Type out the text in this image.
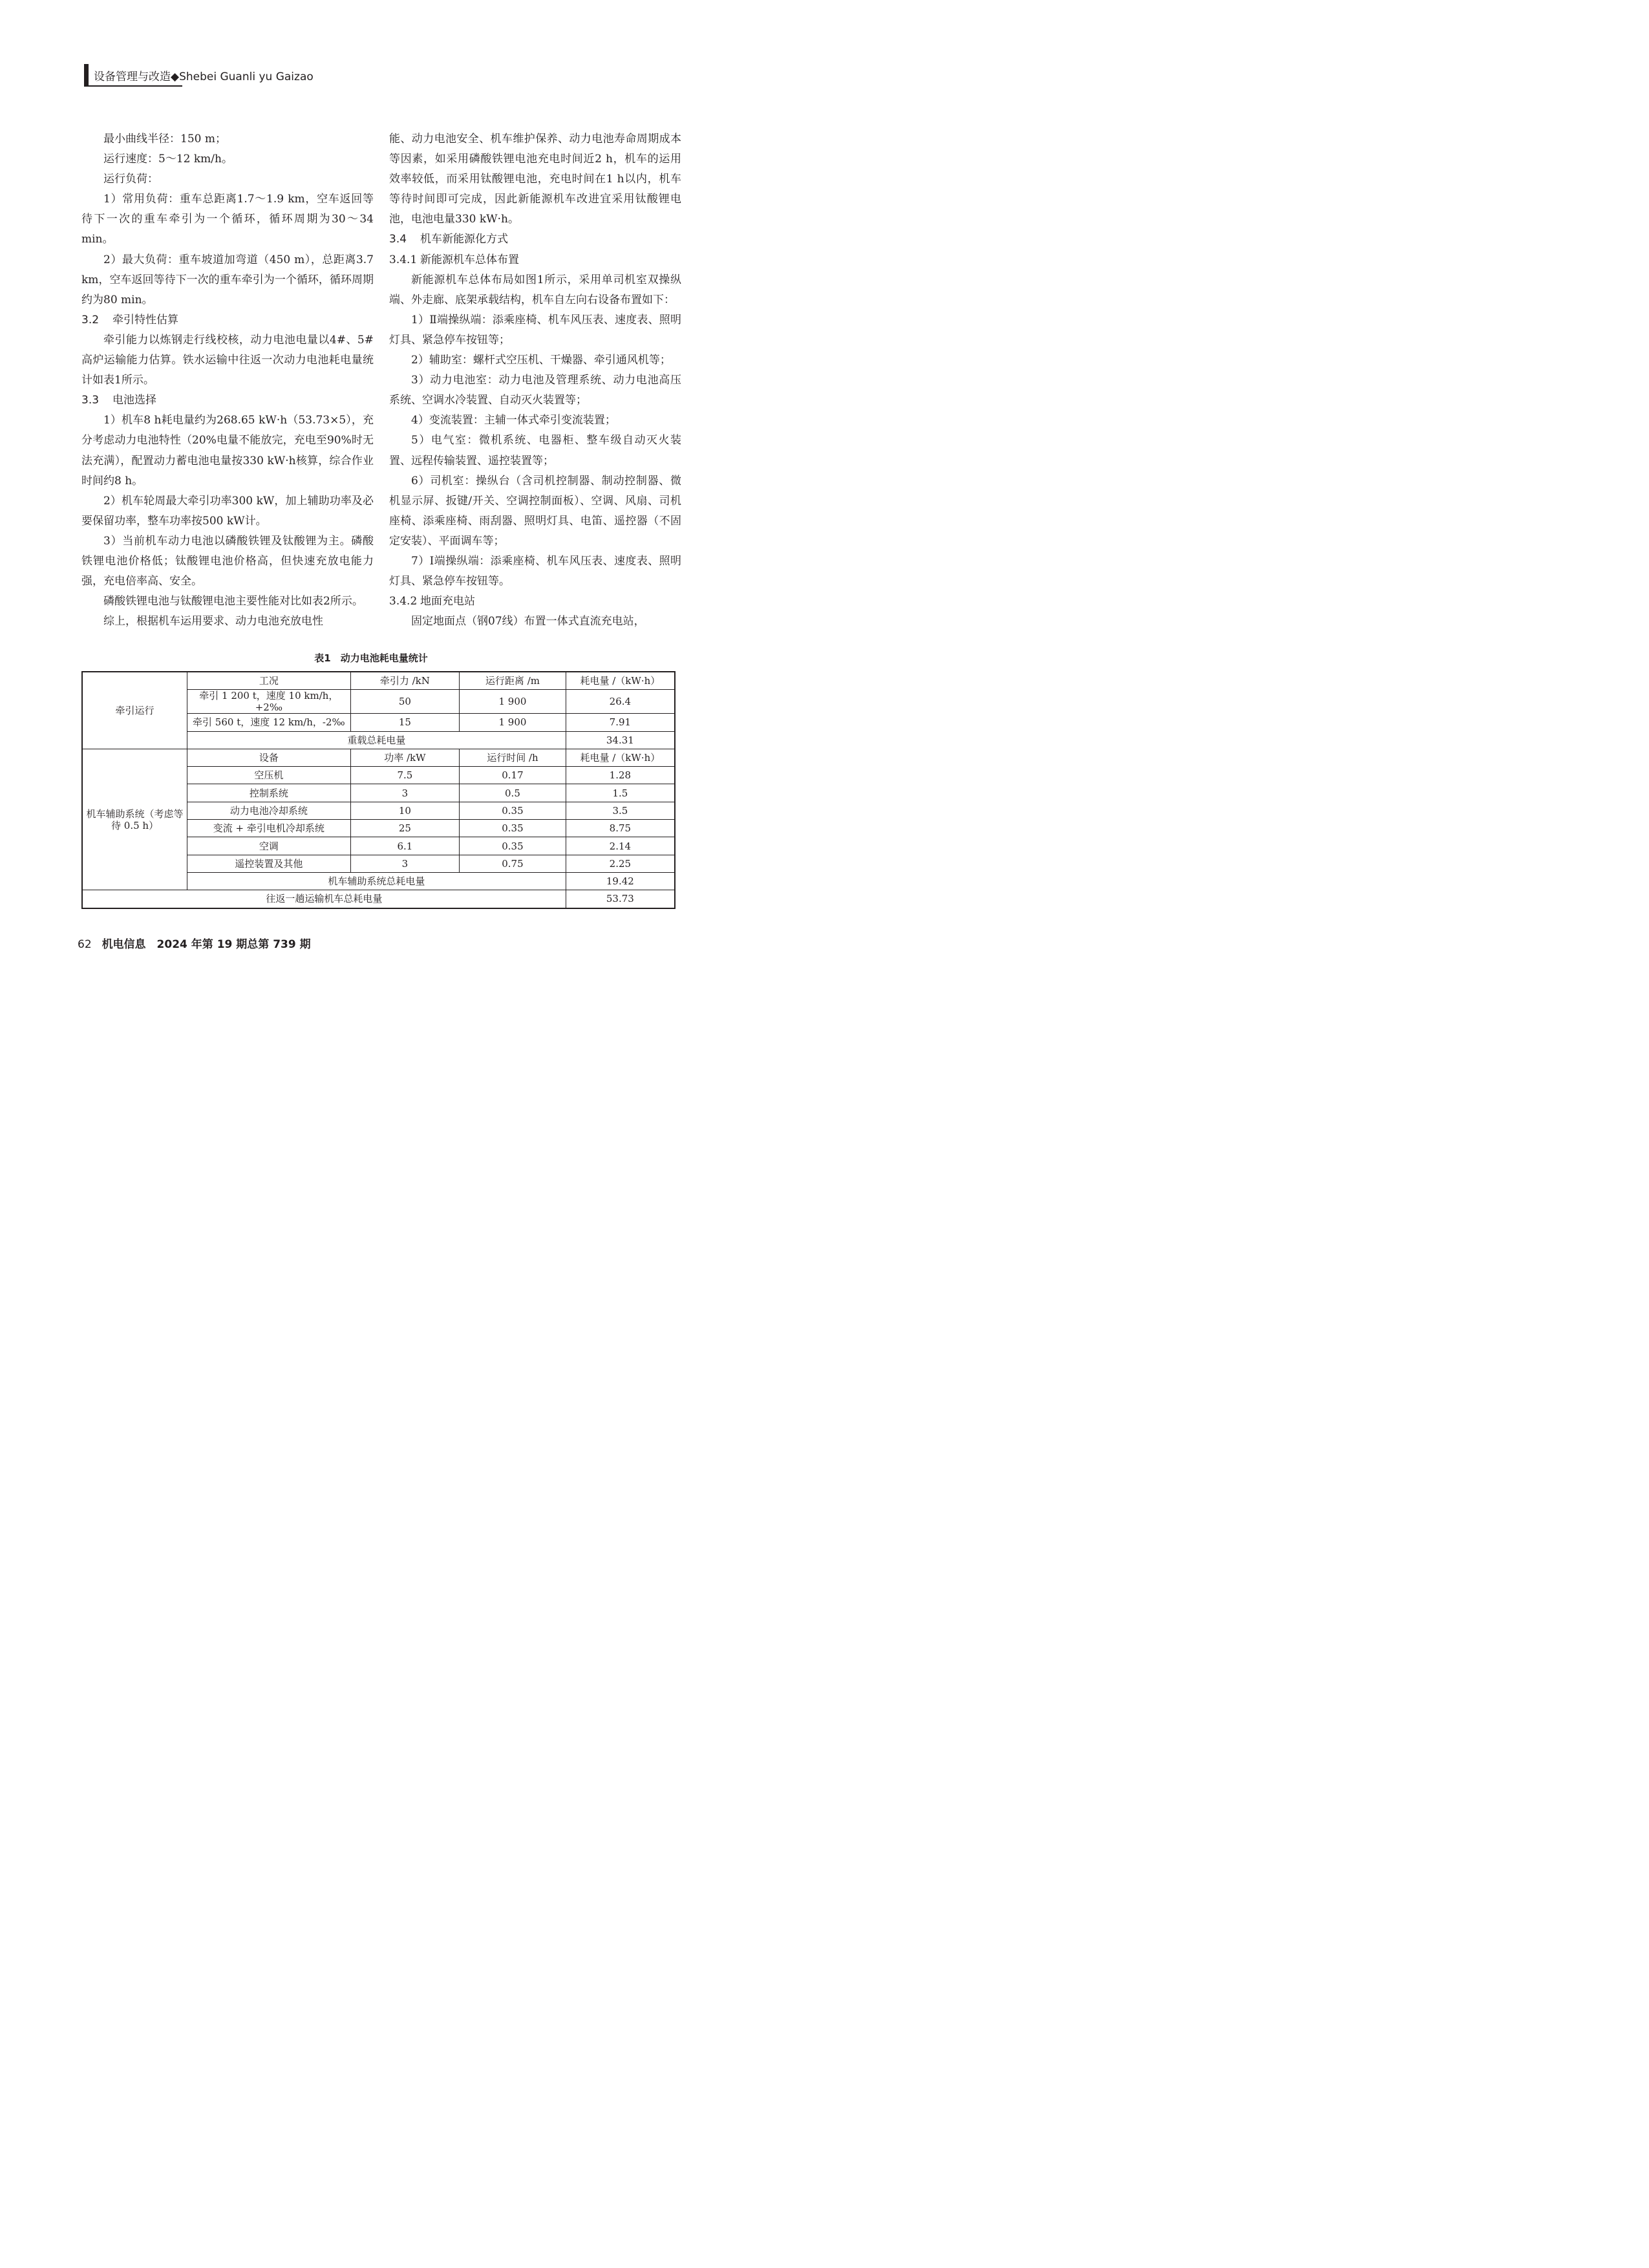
设备管理与改造◆Shebei Guanli yu Gaizao

最小曲线半径：150 m；

运行速度：5～12 km/h。

运行负荷：

1）常用负荷：重车总距离1.7～1.9 km，空车返回等待下一次的重车牵引为一个循环，循环周期为30～34 min。

2）最大负荷：重车坡道加弯道（450 m），总距离3.7 km，空车返回等待下一次的重车牵引为一个循环，循环周期约为80 min。

3.2 牵引特性估算

牵引能力以炼钢走行线校核，动力电池电量以4#、5#高炉运输能力估算。铁水运输中往返一次动力电池耗电量统计如表1所示。

3.3 电池选择

1）机车8 h耗电量约为268.65 kW·h（53.73×5），充分考虑动力电池特性（20%电量不能放完，充电至90%时无法充满），配置动力蓄电池电量按330 kW·h核算，综合作业时间约8 h。

2）机车轮周最大牵引功率300 kW，加上辅助功率及必要保留功率，整车功率按500 kW计。

3）当前机车动力电池以磷酸铁锂及钛酸锂为主。磷酸铁锂电池价格低；钛酸锂电池价格高，但快速充放电能力强，充电倍率高、安全。

磷酸铁锂电池与钛酸锂电池主要性能对比如表2所示。

综上，根据机车运用要求、动力电池充放电性

能、动力电池安全、机车维护保养、动力电池寿命周期成本等因素，如采用磷酸铁锂电池充电时间近2 h，机车的运用效率较低，而采用钛酸锂电池，充电时间在1 h以内，机车等待时间即可完成，因此新能源机车改进宜采用钛酸锂电池，电池电量330 kW·h。

3.4 机车新能源化方式
3.4.1 新能源机车总体布置

新能源机车总体布局如图1所示，采用单司机室双操纵端、外走廊、底架承载结构，机车自左向右设备布置如下：

1）Ⅱ端操纵端：添乘座椅、机车风压表、速度表、照明灯具、紧急停车按钮等；

2）辅助室：螺杆式空压机、干燥器、牵引通风机等；

3）动力电池室：动力电池及管理系统、动力电池高压系统、空调水冷装置、自动灭火装置等；

4）变流装置：主辅一体式牵引变流装置；

5）电气室：微机系统、电器柜、整车级自动灭火装置、远程传输装置、遥控装置等；

6）司机室：操纵台（含司机控制器、制动控制器、微机显示屏、扳键/开关、空调控制面板）、空调、风扇、司机座椅、添乘座椅、雨刮器、照明灯具、电笛、遥控器（不固定安装）、平面调车等；

7）Ⅰ端操纵端：添乘座椅、机车风压表、速度表、照明灯具、紧急停车按钮等。

3.4.2 地面充电站

固定地面点（钢07线）布置一体式直流充电站，

表1　动力电池耗电量统计
牵引运行	工况	牵引力 /kN	运行距离 /m	耗电量 /（kW·h）
	牵引 1 200 t，速度 10 km/h，+2‰	50	1 900	26.4
	牵引 560 t，速度 12 km/h，-2‰	15	1 900	7.91
	重载总耗电量			34.31
机车辅助系统（考虑等待 0.5 h）	设备	功率 /kW	运行时间 /h	耗电量 /（kW·h）
	空压机	7.5	0.17	1.28
	控制系统	3	0.5	1.5
	动力电池冷却系统	10	0.35	3.5
	变流 + 牵引电机冷却系统	25	0.35	8.75
	空调	6.1	0.35	2.14
	遥控装置及其他	3	0.75	2.25
	机车辅助系统总耗电量			19.42
往返一趟运输机车总耗电量				53.73
62 机电信息　2024 年第 19 期总第 739 期
